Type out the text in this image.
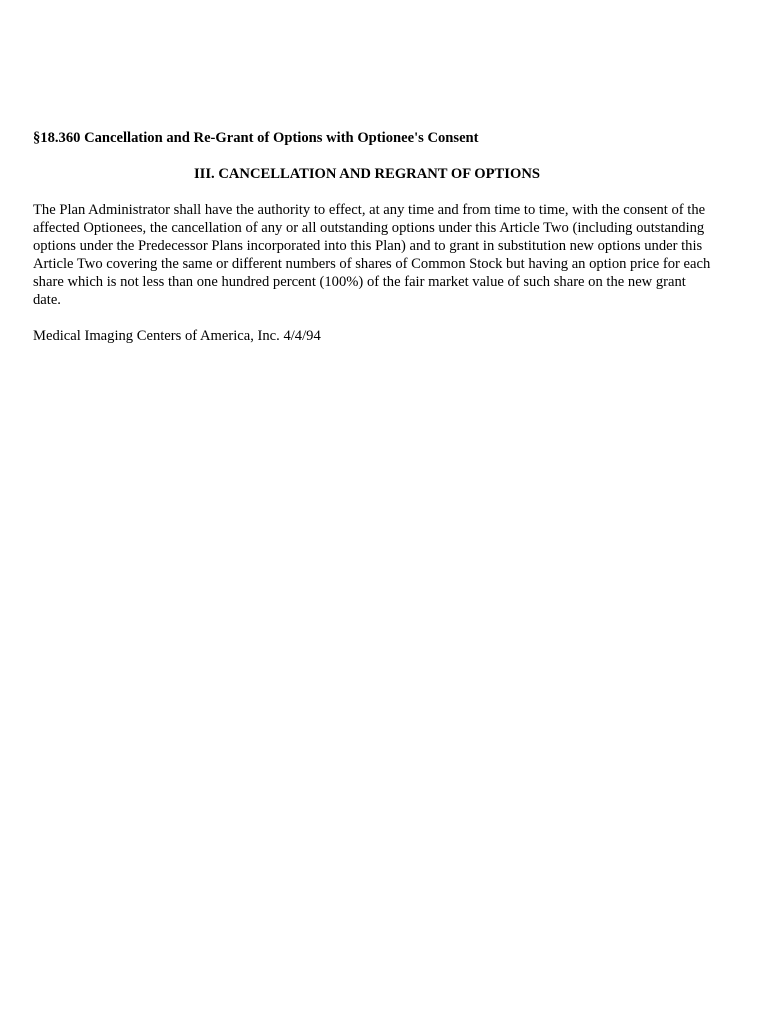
§18.360 Cancellation and Re-Grant of Options with Optionee's Consent

III. CANCELLATION AND REGRANT OF OPTIONS

The Plan Administrator shall have the authority to effect, at any time and from time to time, with the consent of the affected Optionees, the cancellation of any or all outstanding options under this Article Two (including outstanding options under the Predecessor Plans incorporated into this Plan) and to grant in substitution new options under this Article Two covering the same or different numbers of shares of Common Stock but having an option price for each share which is not less than one hundred percent (100%) of the fair market value of such share on the new grant date.

Medical Imaging Centers of America, Inc. 4/4/94
